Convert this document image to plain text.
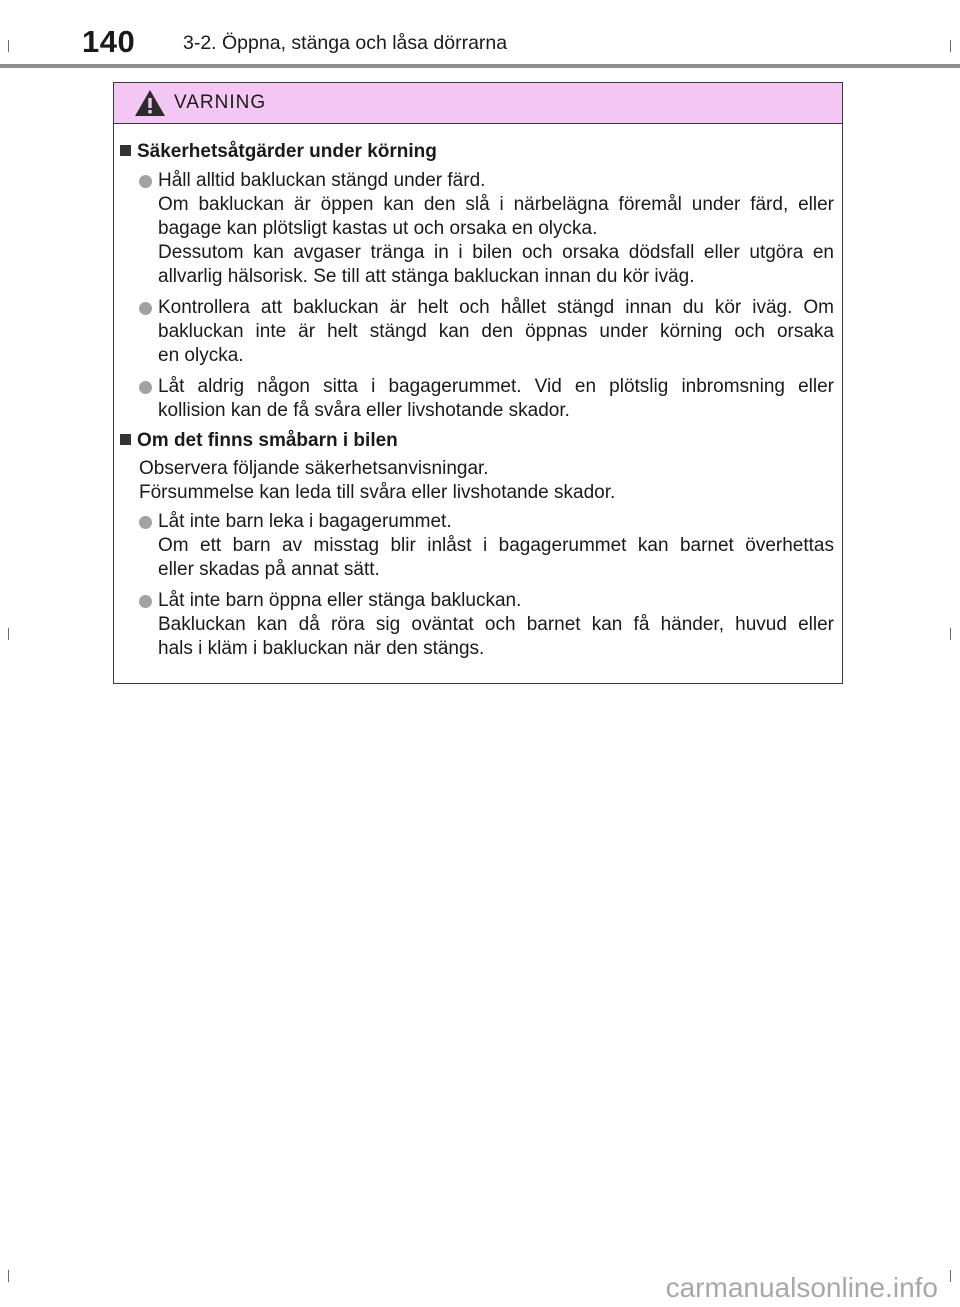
140 3-2. Öppna, stänga och låsa dörrarna
VARNING
Säkerhetsåtgärder under körning
Håll alltid bakluckan stängd under färd.
Om bakluckan är öppen kan den slå i närbelägna föremål under färd, eller
bagage kan plötsligt kastas ut och orsaka en olycka.
Dessutom kan avgaser tränga in i bilen och orsaka dödsfall eller utgöra en
allvarlig hälsorisk. Se till att stänga bakluckan innan du kör iväg.
Kontrollera att bakluckan är helt och hållet stängd innan du kör iväg. Om
bakluckan inte är helt stängd kan den öppnas under körning och orsaka
en olycka.
Låt aldrig någon sitta i bagagerummet. Vid en plötslig inbromsning eller
kollision kan de få svåra eller livshotande skador.
Om det finns småbarn i bilen
Observera följande säkerhetsanvisningar.
Försummelse kan leda till svåra eller livshotande skador.
Låt inte barn leka i bagagerummet.
Om ett barn av misstag blir inlåst i bagagerummet kan barnet överhettas
eller skadas på annat sätt.
Låt inte barn öppna eller stänga bakluckan.
Bakluckan kan då röra sig oväntat och barnet kan få händer, huvud eller
hals i kläm i bakluckan när den stängs.
carmanualsonline.info
